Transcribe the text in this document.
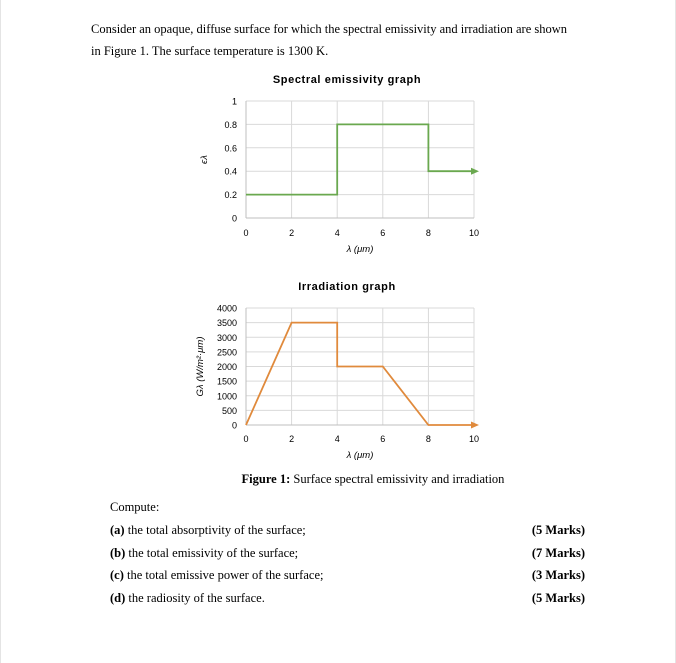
Consider an opaque, diffuse surface for which the spectral emissivity and irradiation are shown

in Figure 1. The surface temperature is 1300 K.

Spectral emissivity graph
0
0.2
0.4
0.6
0.8
1
0	2	4	6	8	10
λ (μm)
ϵλ
Irradiation graph
0
500
1000
1500
2000
2500
3000
3500
4000
0	2	4	6	8	10
λ (μm)
Gλ (W/m²·μm)
Figure 1: Surface spectral emissivity and irradiation
Compute:
(a) the total absorptivity of the surface;	(5 Marks)
(b) the total emissivity of the surface;	(7 Marks)
(c) the total emissive power of the surface;	(3 Marks)
(d) the radiosity of the surface.	(5 Marks)
